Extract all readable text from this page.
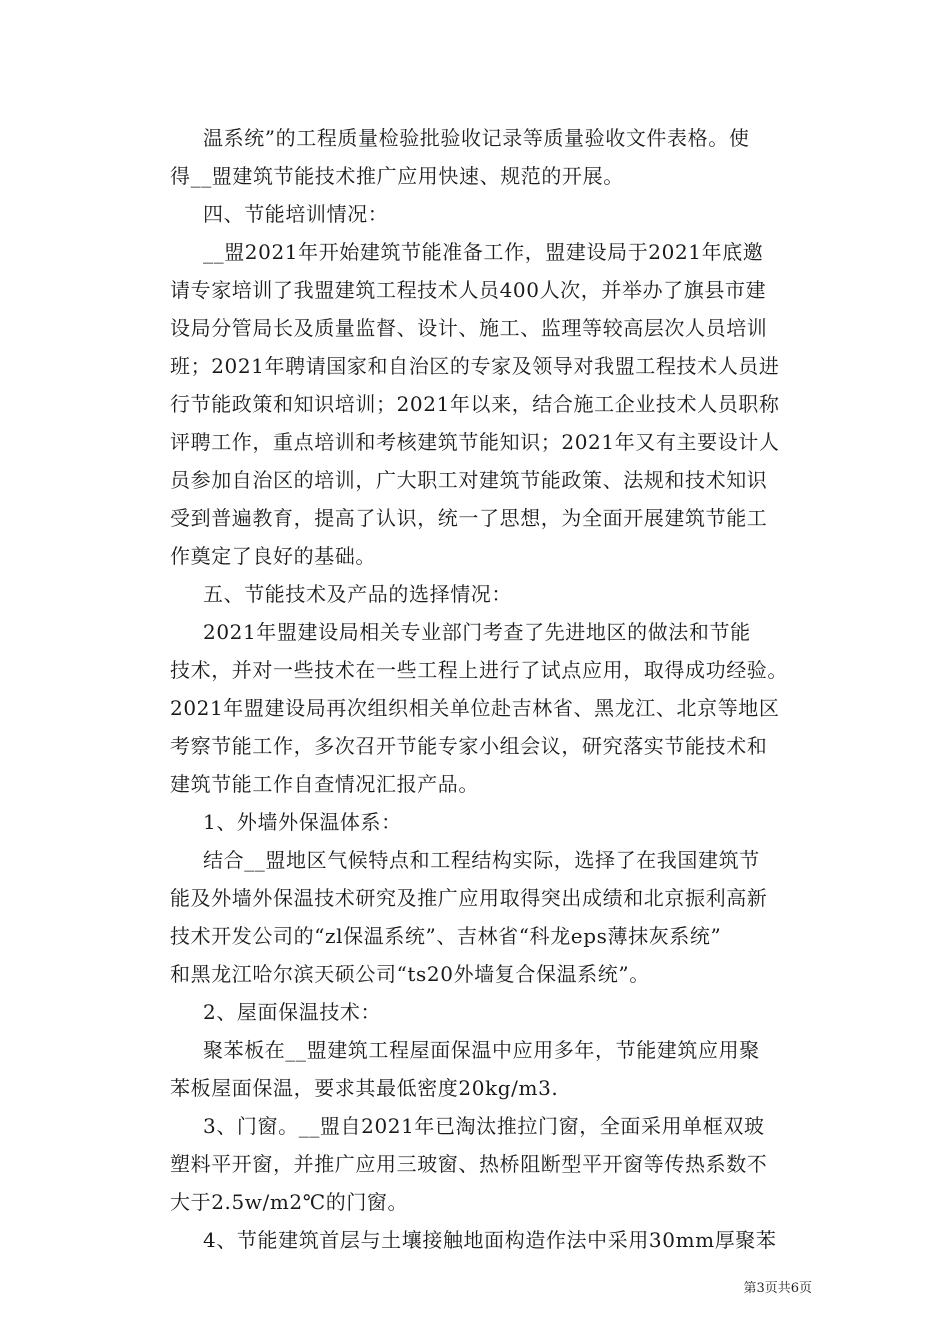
温系统”的工程质量检验批验收记录等质量验收文件表格。使
得__盟建筑节能技术推广应用快速、规范的开展。
四、节能培训情况：
__盟2021年开始建筑节能准备工作，盟建设局于2021年底邀
请专家培训了我盟建筑工程技术人员400人次，并举办了旗县市建
设局分管局长及质量监督、设计、施工、监理等较高层次人员培训
班；2021年聘请国家和自治区的专家及领导对我盟工程技术人员进
行节能政策和知识培训；2021年以来，结合施工企业技术人员职称
评聘工作，重点培训和考核建筑节能知识；2021年又有主要设计人
员参加自治区的培训，广大职工对建筑节能政策、法规和技术知识
受到普遍教育，提高了认识，统一了思想，为全面开展建筑节能工
作奠定了良好的基础。
五、节能技术及产品的选择情况：
2021年盟建设局相关专业部门考查了先进地区的做法和节能
技术，并对一些技术在一些工程上进行了试点应用，取得成功经验。
2021年盟建设局再次组织相关单位赴吉林省、黑龙江、北京等地区
考察节能工作，多次召开节能专家小组会议，研究落实节能技术和
建筑节能工作自查情况汇报产品。
1、外墙外保温体系：
结合__盟地区气候特点和工程结构实际，选择了在我国建筑节
能及外墙外保温技术研究及推广应用取得突出成绩和北京振利高新
技术开发公司的“zl保温系统”、吉林省“科龙eps薄抹灰系统”
和黑龙江哈尔滨天硕公司“ts20外墙复合保温系统”。
2、屋面保温技术：
聚苯板在__盟建筑工程屋面保温中应用多年，节能建筑应用聚
苯板屋面保温，要求其最低密度20kg/m3.
3、门窗。__盟自2021年已淘汰推拉门窗，全面采用单框双玻
塑料平开窗，并推广应用三玻窗、热桥阻断型平开窗等传热系数不
大于2.5w/m2℃的门窗。
4、节能建筑首层与土壤接触地面构造作法中采用30mm厚聚苯
第3页共6页
